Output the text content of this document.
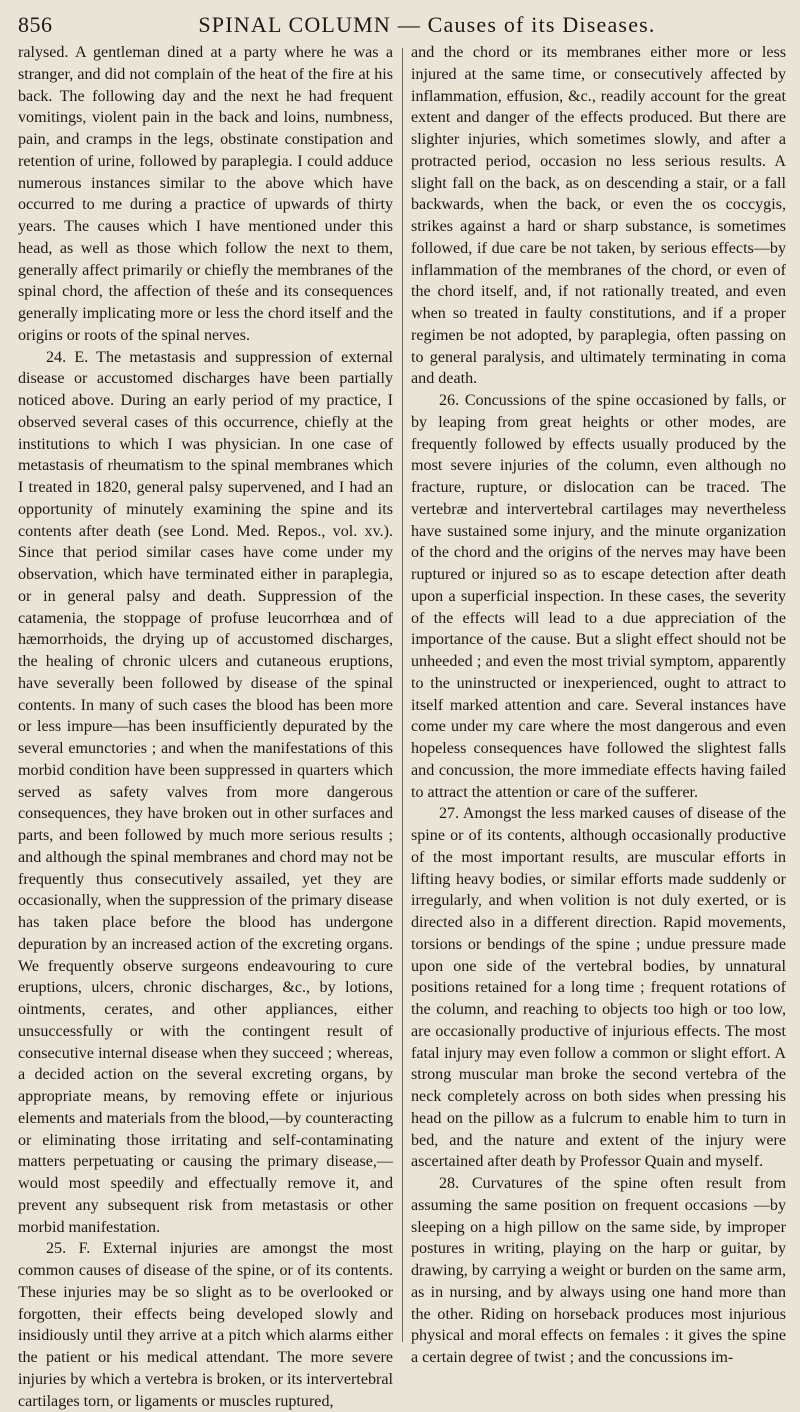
856	SPINAL COLUMN — Causes of its Diseases.

ralysed. A gentleman dined at a party where he was a stranger, and did not complain of the heat of the fire at his back. The following day and the next he had frequent vomitings, violent pain in the back and loins, numbness, pain, and cramps in the legs, obstinate constipation and retention of urine, followed by paraplegia. I could adduce numerous instances similar to the above which have occurred to me during a practice of upwards of thirty years. The causes which I have mentioned under this head, as well as those which follow the next to them, generally affect primarily or chiefly the membranes of the spinal chord, the affection of theśe and its consequences generally implicating more or less the chord itself and the origins or roots of the spinal nerves.

24. E. The metastasis and suppression of external disease or accustomed discharges have been partially noticed above. During an early period of my practice, I observed several cases of this occurrence, chiefly at the institutions to which I was physician. In one case of metastasis of rheumatism to the spinal membranes which I treated in 1820, general palsy supervened, and I had an opportunity of minutely examining the spine and its contents after death (see Lond. Med. Repos., vol. xv.). Since that period similar cases have come under my observation, which have terminated either in paraplegia, or in general palsy and death. Suppression of the catamenia, the stoppage of profuse leucorrhœa and of hæmorrhoids, the drying up of accustomed discharges, the healing of chronic ulcers and cutaneous eruptions, have severally been followed by disease of the spinal contents. In many of such cases the blood has been more or less impure—has been insufficiently depurated by the several emunctories ; and when the manifestations of this morbid condition have been suppressed in quarters which served as safety valves from more dangerous consequences, they have broken out in other surfaces and parts, and been followed by much more serious results ; and although the spinal membranes and chord may not be frequently thus consecutively assailed, yet they are occasionally, when the suppression of the primary disease has taken place before the blood has undergone depuration by an increased action of the excreting organs. We frequently observe surgeons endeavouring to cure eruptions, ulcers, chronic discharges, &c., by lotions, ointments, cerates, and other appliances, either unsuccessfully or with the contingent result of consecutive internal disease when they succeed ; whereas, a decided action on the several excreting organs, by appropriate means, by removing effete or injurious elements and materials from the blood,—by counteracting or eliminating those irritating and self-contaminating matters perpetuating or causing the primary disease,—would most speedily and effectually remove it, and prevent any subsequent risk from metastasis or other morbid manifestation.

25. F. External injuries are amongst the most common causes of disease of the spine, or of its contents. These injuries may be so slight as to be overlooked or forgotten, their effects being developed slowly and insidiously until they arrive at a pitch which alarms either the patient or his medical attendant. The more severe injuries by which a vertebra is broken, or its intervertebral cartilages torn, or ligaments or muscles ruptured,

and the chord or its membranes either more or less injured at the same time, or consecutively affected by inflammation, effusion, &c., readily account for the great extent and danger of the effects produced. But there are slighter injuries, which sometimes slowly, and after a protracted period, occasion no less serious results. A slight fall on the back, as on descending a stair, or a fall backwards, when the back, or even the os coccygis, strikes against a hard or sharp substance, is sometimes followed, if due care be not taken, by serious effects—by inflammation of the membranes of the chord, or even of the chord itself, and, if not rationally treated, and even when so treated in faulty constitutions, and if a proper regimen be not adopted, by paraplegia, often passing on to general paralysis, and ultimately terminating in coma and death.

26. Concussions of the spine occasioned by falls, or by leaping from great heights or other modes, are frequently followed by effects usually produced by the most severe injuries of the column, even although no fracture, rupture, or dislocation can be traced. The vertebræ and intervertebral cartilages may nevertheless have sustained some injury, and the minute organization of the chord and the origins of the nerves may have been ruptured or injured so as to escape detection after death upon a superficial inspection. In these cases, the severity of the effects will lead to a due appreciation of the importance of the cause. But a slight effect should not be unheeded ; and even the most trivial symptom, apparently to the uninstructed or inexperienced, ought to attract to itself marked attention and care. Several instances have come under my care where the most dangerous and even hopeless consequences have followed the slightest falls and concussion, the more immediate effects having failed to attract the attention or care of the sufferer.

27. Amongst the less marked causes of disease of the spine or of its contents, although occasionally productive of the most important results, are muscular efforts in lifting heavy bodies, or similar efforts made suddenly or irregularly, and when volition is not duly exerted, or is directed also in a different direction. Rapid movements, torsions or bendings of the spine ; undue pressure made upon one side of the vertebral bodies, by unnatural positions retained for a long time ; frequent rotations of the column, and reaching to objects too high or too low, are occasionally productive of injurious effects. The most fatal injury may even follow a common or slight effort. A strong muscular man broke the second vertebra of the neck completely across on both sides when pressing his head on the pillow as a fulcrum to enable him to turn in bed, and the nature and extent of the injury were ascertained after death by Professor Quain and myself.

28. Curvatures of the spine often result from assuming the same position on frequent occasions —by sleeping on a high pillow on the same side, by improper postures in writing, playing on the harp or guitar, by drawing, by carrying a weight or burden on the same arm, as in nursing, and by always using one hand more than the other. Riding on horseback produces most injurious physical and moral effects on females : it gives the spine a certain degree of twist ; and the concussions im-
